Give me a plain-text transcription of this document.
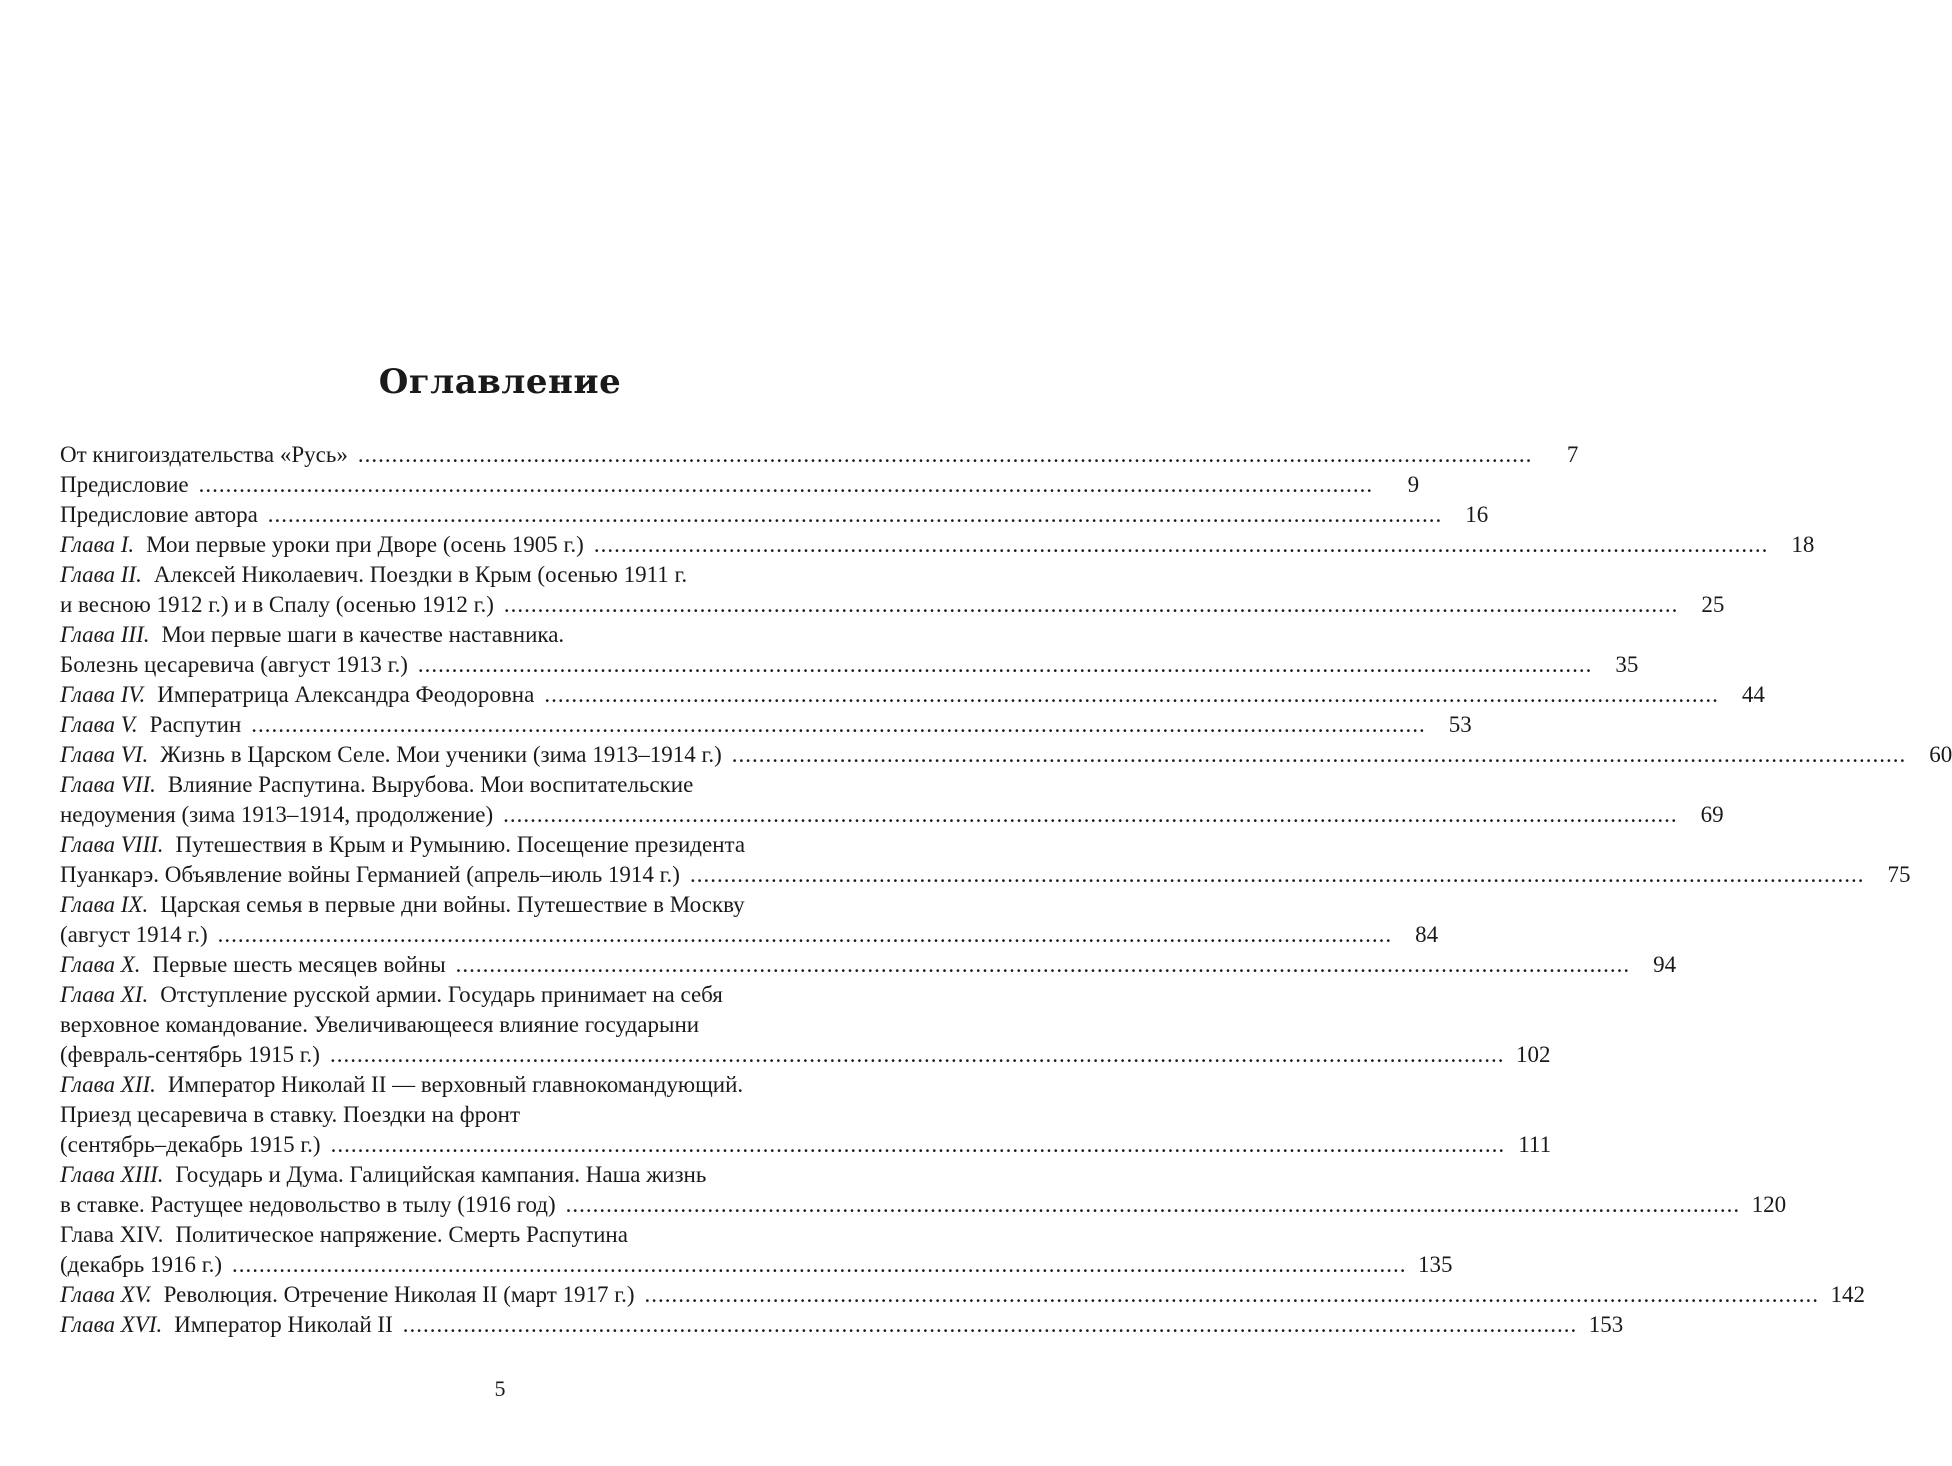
Оглавление
От книгоиздательства «Русь» ..............................................................................................................................................................................	7
Предисловие ..............................................................................................................................................................................	9
Предисловие автора ..............................................................................................................................................................................	16
Глава I. Мои первые уроки при Дворе (осень 1905 г.) ..............................................................................................................................................................................	18
Глава II. Алексей Николаевич. Поездки в Крым (осенью 1911 г.
и весною 1912 г.) и в Спалу (осенью 1912 г.) ..............................................................................................................................................................................	25
Глава III. Мои первые шаги в качестве наставника.
Болезнь цесаревича (август 1913 г.) ..............................................................................................................................................................................	35
Глава IV. Императрица Александра Феодоровна ..............................................................................................................................................................................	44
Глава V. Распутин ..............................................................................................................................................................................	53
Глава VI. Жизнь в Царском Селе. Мои ученики (зима 1913–1914 г.) ..............................................................................................................................................................................	60
Глава VII. Влияние Распутина. Вырубова. Мои воспитательские
недоумения (зима 1913–1914, продолжение) ..............................................................................................................................................................................	69
Глава VIII. Путешествия в Крым и Румынию. Посещение президента
Пуанкарэ. Объявление войны Германией (апрель–июль 1914 г.) ..............................................................................................................................................................................	75
Глава IX. Царская семья в первые дни войны. Путешествие в Москву
(август 1914 г.) ..............................................................................................................................................................................	84
Глава X. Первые шесть месяцев войны ..............................................................................................................................................................................	94
Глава XI. Отступление русской армии. Государь принимает на себя
верховное командование. Увеличивающееся влияние государыни
(февраль-сентябрь 1915 г.) .............................................................................................................................................................................. 102
Глава XII. Император Николай II — верховный главнокомандующий.
Приезд цесаревича в ставку. Поездки на фронт
(сентябрь–декабрь 1915 г.) .............................................................................................................................................................................. 111
Глава XIII. Государь и Дума. Галицийская кампания. Наша жизнь
в ставке. Растущее недовольство в тылу (1916 год) .............................................................................................................................................................................. 120
Глава XIV. Политическое напряжение. Смерть Распутина
(декабрь 1916 г.) .............................................................................................................................................................................. 135
Глава XV. Революция. Отречение Николая II (март 1917 г.) .............................................................................................................................................................................. 142
Глава XVI. Император Николай II .............................................................................................................................................................................. 153
5
